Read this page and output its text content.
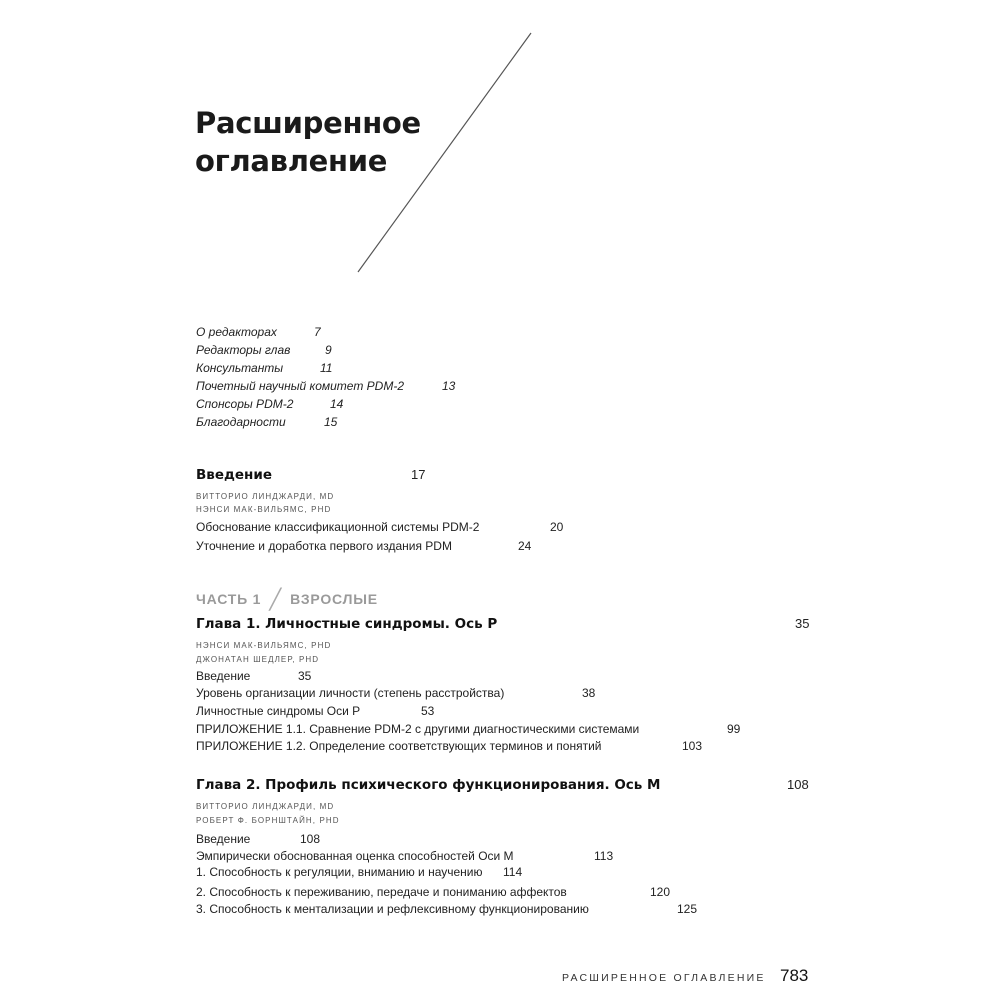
Расширенное
оглавление
О редакторах	7
Редакторы глав	9
Консультанты	11
Почетный научный комитет PDM-2	13
Спонсоры PDM-2	14
Благодарности	15
Введение	17
ВИТТОРИО ЛИНДЖАРДИ, MD
НЭНСИ МАК-ВИЛЬЯМС, PHD
Обоснование классификационной системы PDM-2	20
Уточнение и доработка первого издания PDM	24
ЧАСТЬ 1 ╱ ВЗРОСЛЫЕ
Глава 1. Личностные синдромы. Ось P	35
НЭНСИ МАК-ВИЛЬЯМС, PHD
ДЖОНАТАН ШЕДЛЕР, PHD
Введение	35
Уровень организации личности (степень расстройства)	38
Личностные синдромы Оси P	53
ПРИЛОЖЕНИЕ 1.1. Сравнение PDM-2 с другими диагностическими системами	99
ПРИЛОЖЕНИЕ 1.2. Определение соответствующих терминов и понятий	103
Глава 2. Профиль психического функционирования. Ось M	108
ВИТТОРИО ЛИНДЖАРДИ, MD
РОБЕРТ Ф. БОРНШТАЙН, PHD
Введение	108
Эмпирически обоснованная оценка способностей Оси M	113
1. Способность к регуляции, вниманию и научению 114
2. Способность к переживанию, передаче и пониманию аффектов	120
3. Способность к ментализации и рефлексивному функционированию	125
РАСШИРЕННОЕ ОГЛАВЛЕНИЕ 783
